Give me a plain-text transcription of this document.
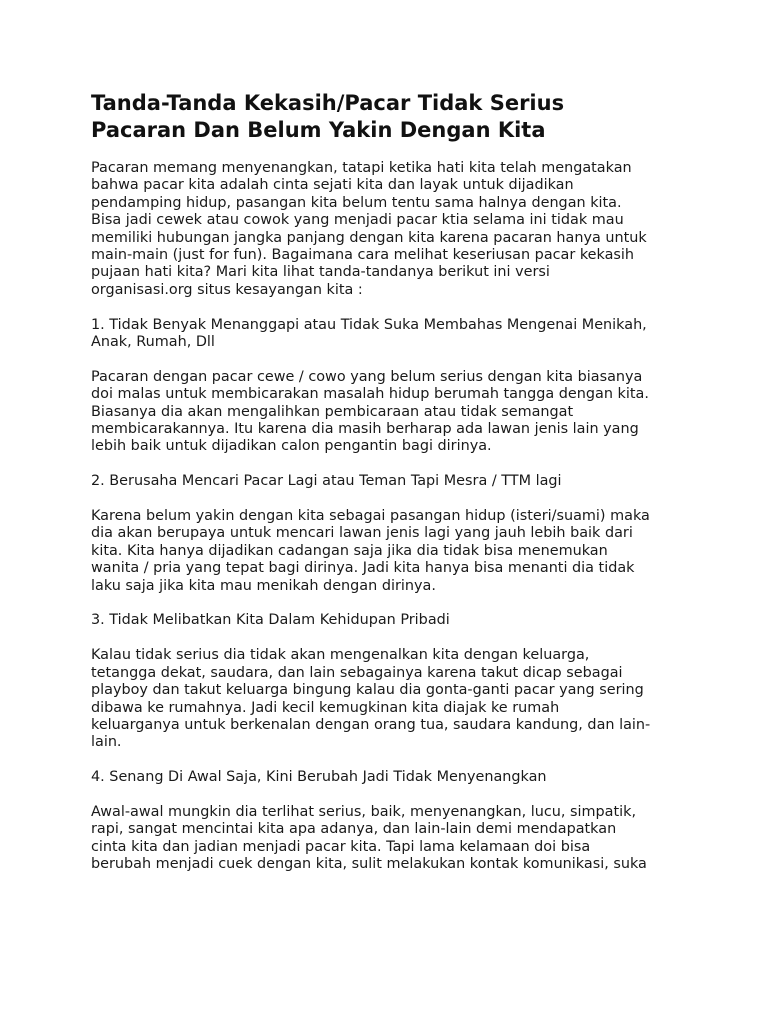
Tanda-Tanda Kekasih/Pacar Tidak Serius
Pacaran Dan Belum Yakin Dengan Kita
Pacaran memang menyenangkan, tatapi ketika hati kita telah mengatakan
bahwa pacar kita adalah cinta sejati kita dan layak untuk dijadikan
pendamping hidup, pasangan kita belum tentu sama halnya dengan kita.
Bisa jadi cewek atau cowok yang menjadi pacar ktia selama ini tidak mau
memiliki hubungan jangka panjang dengan kita karena pacaran hanya untuk
main-main (just for fun). Bagaimana cara melihat keseriusan pacar kekasih
pujaan hati kita? Mari kita lihat tanda-tandanya berikut ini versi
organisasi.org situs kesayangan kita :
1. Tidak Benyak Menanggapi atau Tidak Suka Membahas Mengenai Menikah,
Anak, Rumah, Dll
Pacaran dengan pacar cewe / cowo yang belum serius dengan kita biasanya
doi malas untuk membicarakan masalah hidup berumah tangga dengan kita.
Biasanya dia akan mengalihkan pembicaraan atau tidak semangat
membicarakannya. Itu karena dia masih berharap ada lawan jenis lain yang
lebih baik untuk dijadikan calon pengantin bagi dirinya.
2. Berusaha Mencari Pacar Lagi atau Teman Tapi Mesra / TTM lagi
Karena belum yakin dengan kita sebagai pasangan hidup (isteri/suami) maka
dia akan berupaya untuk mencari lawan jenis lagi yang jauh lebih baik dari
kita. Kita hanya dijadikan cadangan saja jika dia tidak bisa menemukan
wanita / pria yang tepat bagi dirinya. Jadi kita hanya bisa menanti dia tidak
laku saja jika kita mau menikah dengan dirinya.
3. Tidak Melibatkan Kita Dalam Kehidupan Pribadi
Kalau tidak serius dia tidak akan mengenalkan kita dengan keluarga,
tetangga dekat, saudara, dan lain sebagainya karena takut dicap sebagai
playboy dan takut keluarga bingung kalau dia gonta-ganti pacar yang sering
dibawa ke rumahnya. Jadi kecil kemugkinan kita diajak ke rumah
keluarganya untuk berkenalan dengan orang tua, saudara kandung, dan lain-
lain.
4. Senang Di Awal Saja, Kini Berubah Jadi Tidak Menyenangkan
Awal-awal mungkin dia terlihat serius, baik, menyenangkan, lucu, simpatik,
rapi, sangat mencintai kita apa adanya, dan lain-lain demi mendapatkan
cinta kita dan jadian menjadi pacar kita. Tapi lama kelamaan doi bisa
berubah menjadi cuek dengan kita, sulit melakukan kontak komunikasi, suka
